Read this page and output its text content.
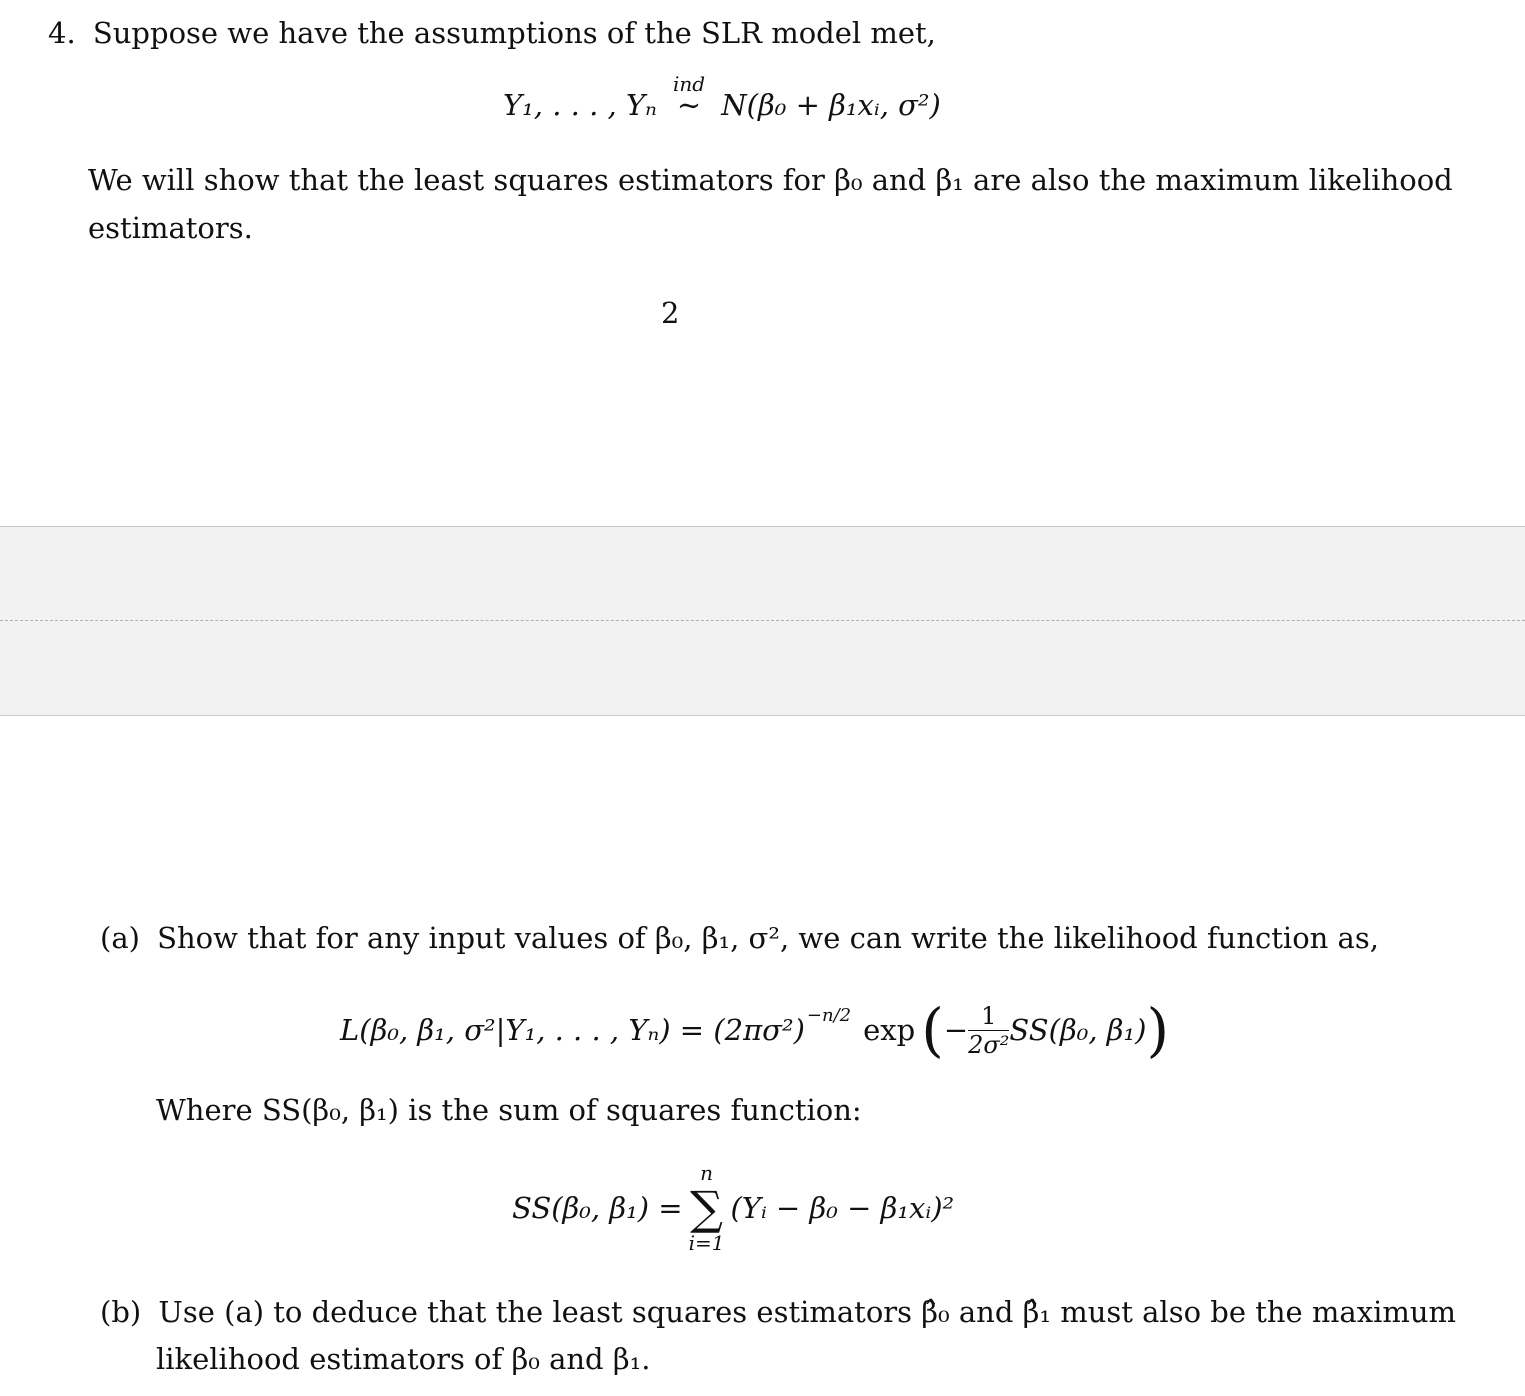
4. Suppose we have the assumptions of the SLR model met,
Y₁, . . . , Yₙ
ind
∼ N(β₀ + β₁xᵢ, σ²)
We will show that the least squares estimators for β₀ and β₁ are also the maximum likelihood
estimators.
2
(a) Show that for any input values of β₀, β₁, σ², we can write the likelihood function as,
L(β₀, β₁, σ²|Y₁, . . . , $Y_n) = (2\pi\sigma^2)^{-n/2}$ exp ( − $\frac{1}{\text{2σ²}} SS(\beta_0$, β₁) )
Where SS(β₀, β₁) is the sum of squares function:
SS(β₀, β₁) =
n
∑
i=1
(Yᵢ − β₀ − β₁xᵢ)²
(b) Use (a) to deduce that the least squares estimators β̂₀ and β̂₁ must also be the maximum
likelihood estimators of β₀ and β₁.
